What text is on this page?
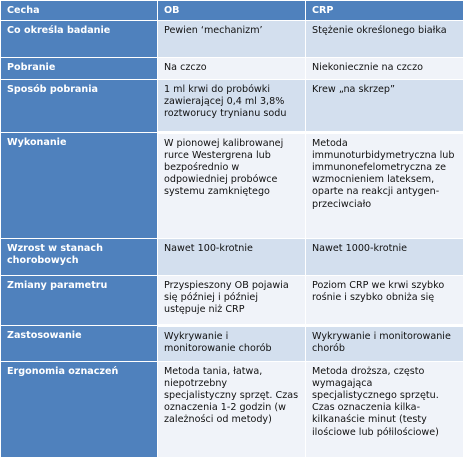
Cecha	OB	CRP
Co określa badanie	Pewien ‘mechanizm’	Stężenie określonego białka
Pobranie	Na czczo	Niekoniecznie na czczo
Sposób pobrania	1 ml krwi do probówki zawierającej 0,4 ml 3,8% roztworucy trynianu sodu	Krew „na skrzep”
Wykonanie	W pionowej kalibrowanej rurce Westergrena lub bezpośrednio w odpowiedniej probówce systemu zamkniętego	Metoda immunoturbidymetryczna lub immunonefelometryczna ze wzmocnieniem lateksem, oparte na reakcji antygen-przeciwciało
Wzrost w stanach chorobowych	Nawet 100-krotnie	Nawet 1000-krotnie
Zmiany parametru	Przyspieszony OB pojawia się później i później ustępuje niż CRP	Poziom CRP we krwi szybko rośnie i szybko obniża się
Zastosowanie	Wykrywanie i monitorowanie chorób	Wykrywanie i monitorowanie chorób
Ergonomia oznaczeń	Metoda tania, łatwa, niepotrzebny specjalistyczny sprzęt. Czas oznaczenia 1-2 godzin (w zależności od metody)	Metoda droższa, często wymagająca specjalistycznego sprzętu. Czas oznaczenia kilka-kilkanaście minut (testy ilościowe lub półilościowe)
